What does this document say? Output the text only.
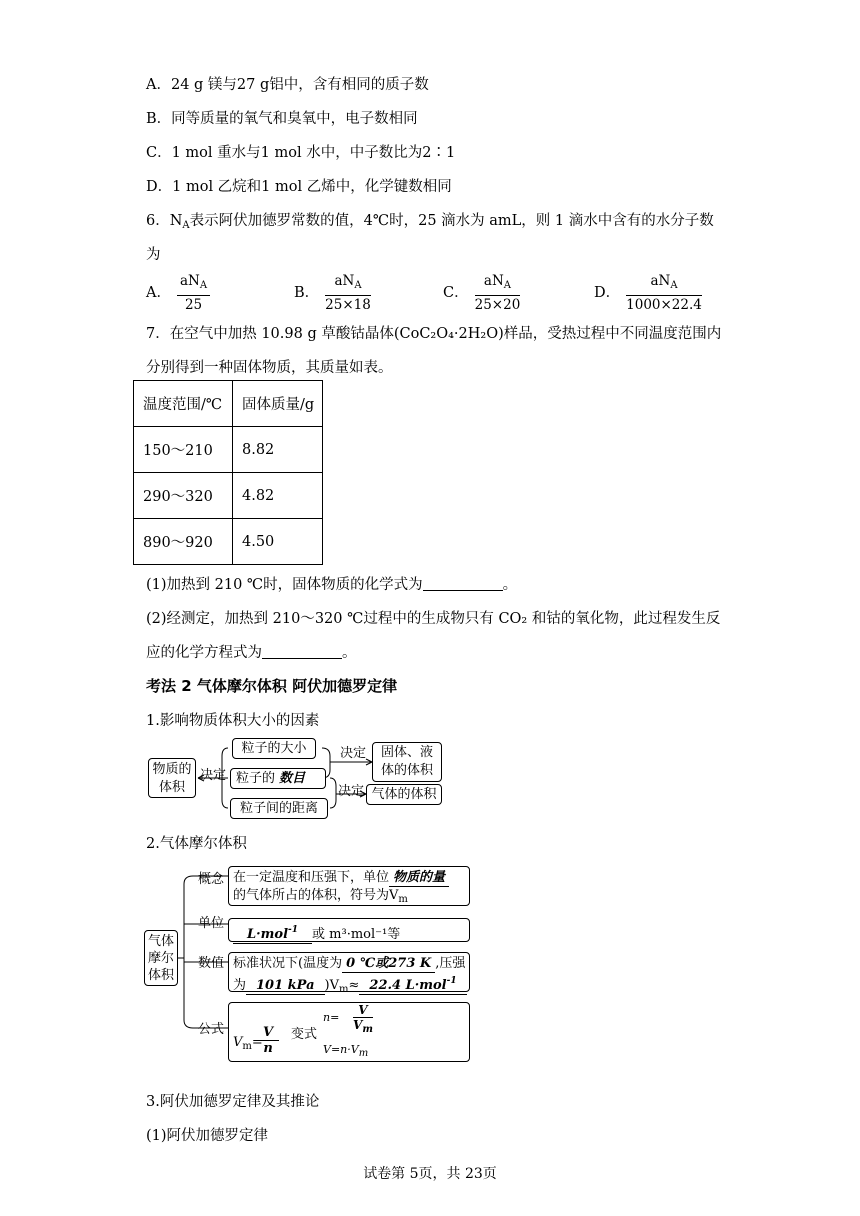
A．24 g 镁与27 g铝中，含有相同的质子数
B．同等质量的氧气和臭氧中，电子数相同
C．1 mol 重水与1 mol 水中，中子数比为2∶1
D．1 mol 乙烷和1 mol 乙烯中，化学键数相同
6．$N_A$表示阿伏加德罗常数的值，4℃时，25 滴水为 amL，则 1 滴水中含有的水分子数
为
A． $\frac{aN_A}{25}$	B． $\frac{aN_A}{25\times 18}$	C． $\frac{aN_A}{25\times 20}$	D． $\frac{aN_A}{1000\times 22.4}$
7．在空气中加热 10.98 g 草酸钴晶体(CoC₂O₄·2H₂O)样品，受热过程中不同温度范围内
分别得到一种固体物质，其质量如表。
温度范围/℃	固体质量/g
150～210	8.82
290～320	4.82
890～920	4.50
(1)加热到 210 ℃时，固体物质的化学式为	。
(2)经测定，加热到 210～320 ℃过程中的生成物只有 CO₂ 和钴的氧化物，此过程发生反
应的化学方程式为	。
考法 2 气体摩尔体积 阿伏加德罗定律
1.影响物质体积大小的因素
物质的
体积
决定
粒子的大小
粒子的 数目
粒子间的距离
决定
决定
固体、液
体的体积
气体的体积
2.气体摩尔体积
气体
摩尔
体积
概念
单位
数值
公式
在一定温度和压强下，单位 物质的量
的气体所占的体积，符号为$V_m$
L·mol$^{-1}$ 或 m³·mol⁻¹等
标准状况下(温度为 0 ℃或273 K ,压强
为 101 kPa )$V_m\approx 22.4$ L·mol$^{-1}$
$V_m=$
V
n
变式
n=
V
$V_m$
V=n·Vm
3.阿伏加德罗定律及其推论
(1)阿伏加德罗定律
试卷第 5页，共 23页
